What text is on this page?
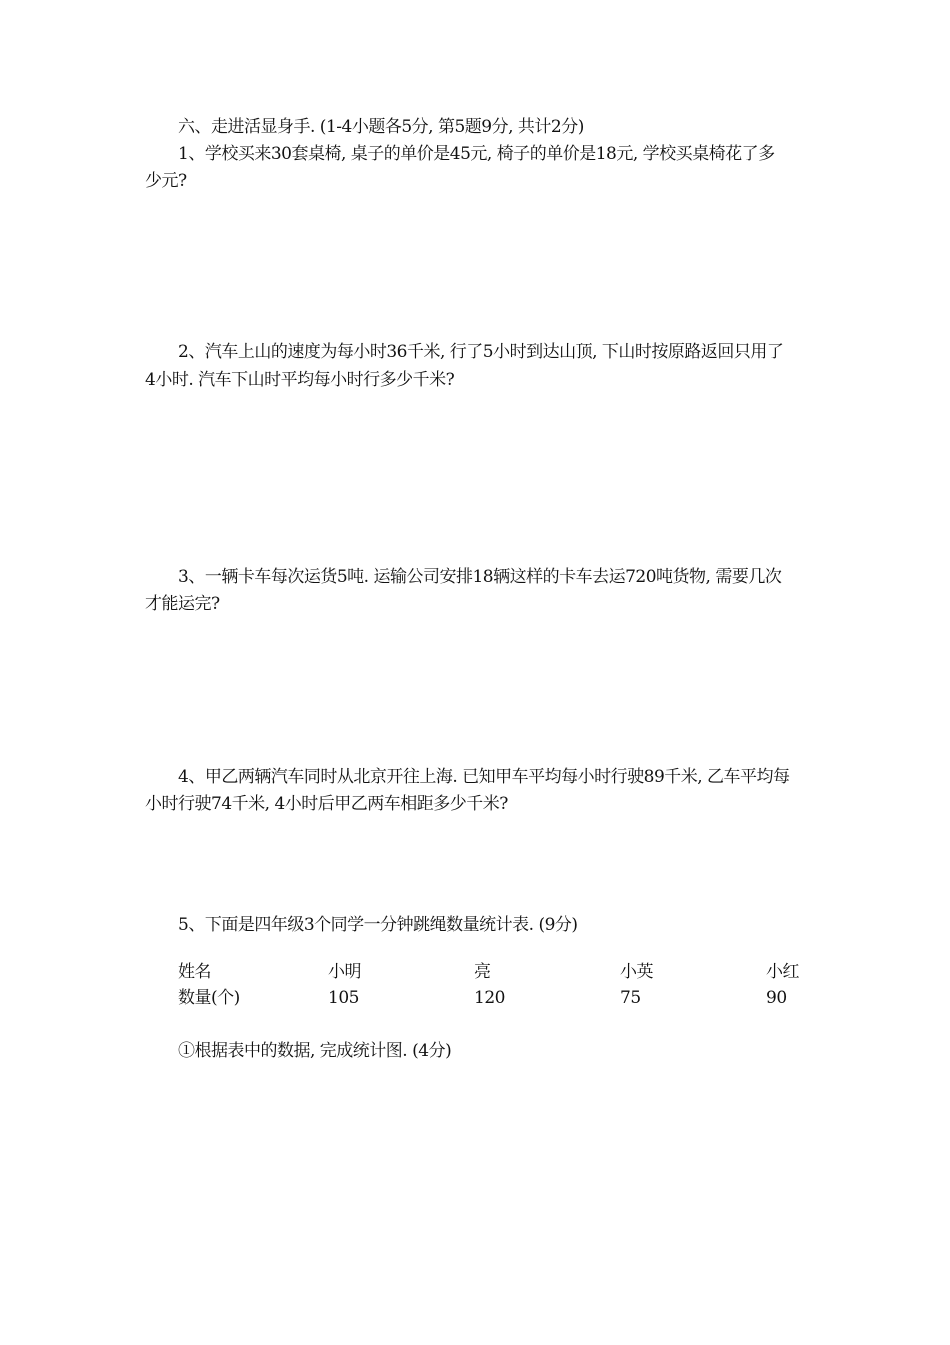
六、走进活显身手. (1-4小题各5分, 第5题9分, 共计2分)
1、学校买来30套桌椅, 桌子的单价是45元, 椅子的单价是18元, 学校买桌椅花了多
少元?
2、汽车上山的速度为每小时36千米, 行了5小时到达山顶, 下山时按原路返回只用了
4小时. 汽车下山时平均每小时行多少千米?
3、一辆卡车每次运货5吨. 运输公司安排18辆这样的卡车去运720吨货物, 需要几次
才能运完?
4、甲乙两辆汽车同时从北京开往上海. 已知甲车平均每小时行驶89千米, 乙车平均每
小时行驶74千米, 4小时后甲乙两车相距多少千米?
5、下面是四年级3个同学一分钟跳绳数量统计表. (9分)
姓名	小明	亮	小英	小红
数量(个)	105	120	75	90
①根据表中的数据, 完成统计图. (4分)
